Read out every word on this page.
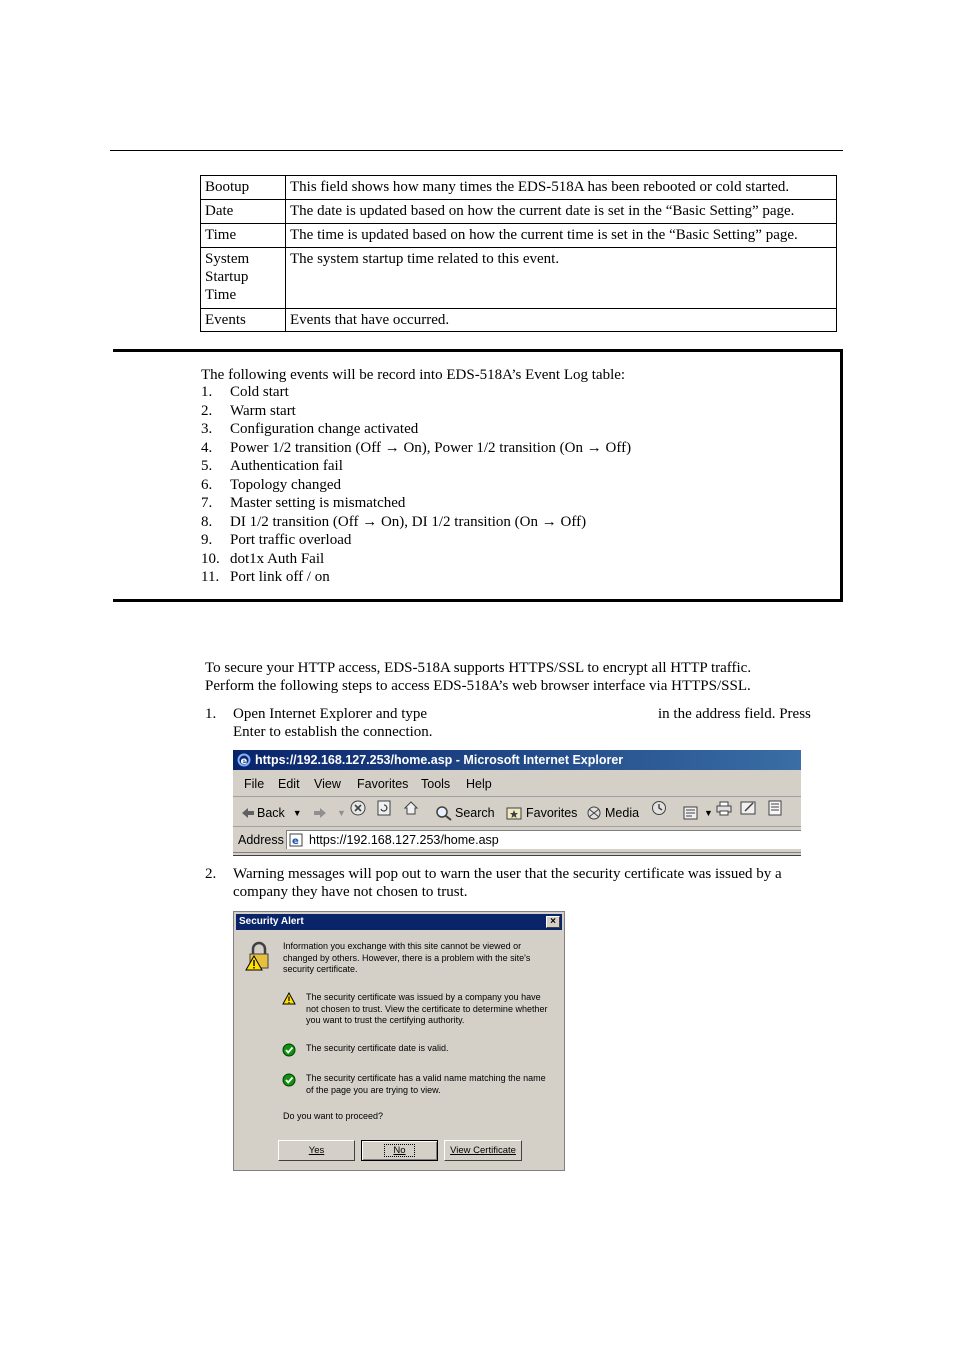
Bootup	This field shows how many times the EDS-518A has been rebooted or cold started.
Date	The date is updated based on how the current date is set in the “Basic Setting” page.
Time	The time is updated based on how the current time is set in the “Basic Setting” page.
System
Startup
Time	The system startup time related to this event.
Events	Events that have occurred.
The following events will be record into EDS-518A’s Event Log table:
1. Cold start
2. Warm start
3. Configuration change activated
4. Power 1/2 transition (Off → On), Power 1/2 transition (On → Off)
5. Authentication fail
6. Topology changed
7. Master setting is mismatched
8. DI 1/2 transition (Off → On), DI 1/2 transition (On → Off)
9. Port traffic overload
10. dot1x Auth Fail
11. Port link off / on
To secure your HTTP access, EDS-518A supports HTTPS/SSL to encrypt all HTTP traffic.
Perform the following steps to access EDS-518A’s web browser interface via HTTPS/SSL.
1. Open Internet Explorer and type	in the address field. Press
Enter to establish the connection.
e https://192.168.127.253/home.asp - Microsoft Internet Explorer
File Edit View Favorites Tools Help
Back ▼	▼	Search	Favorites Media	▼
Address e https://192.168.127.253/home.asp
2. Warning messages will pop out to warn the user that the security certificate was issued by a
company they have not chosen to trust.
Security Alert	×
Information you exchange with this site cannot be viewed or
changed by others. However, there is a problem with the site's
security certificate.
The security certificate was issued by a company you have
not chosen to trust. View the certificate to determine whether
you want to trust the certifying authority.
The security certificate date is valid.
The security certificate has a valid name matching the name
of the page you are trying to view.
Do you want to proceed?
Yes	No	View Certificate
